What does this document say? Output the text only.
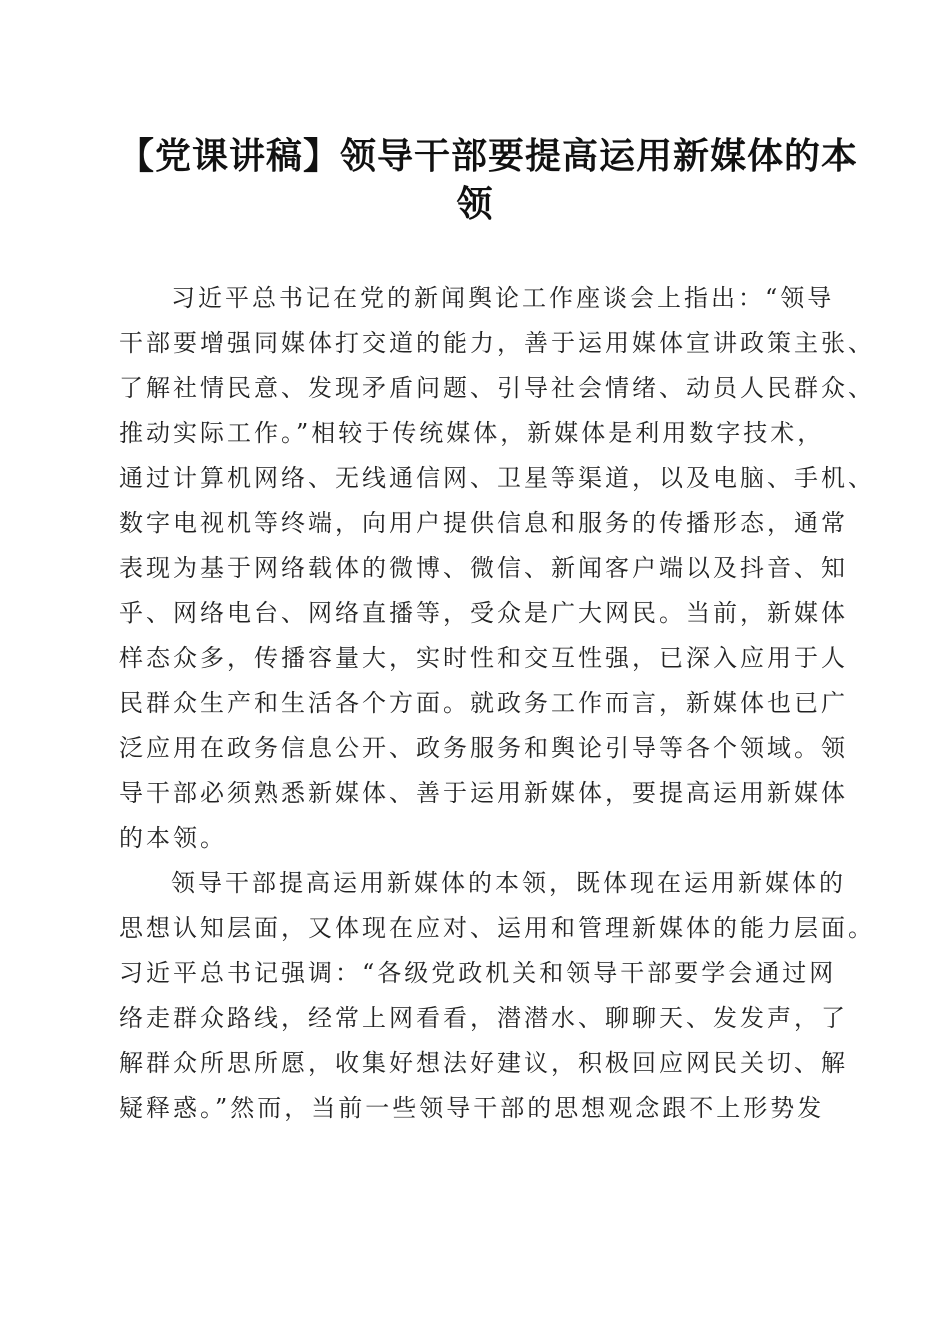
【党课讲稿】领导干部要提高运用新媒体的本
领
习近平总书记在党的新闻舆论工作座谈会上指出：“领导
干部要增强同媒体打交道的能力，善于运用媒体宣讲政策主张、
了解社情民意、发现矛盾问题、引导社会情绪、动员人民群众、
推动实际工作。”相较于传统媒体，新媒体是利用数字技术，
通过计算机网络、无线通信网、卫星等渠道，以及电脑、手机、
数字电视机等终端，向用户提供信息和服务的传播形态，通常
表现为基于网络载体的微博、微信、新闻客户端以及抖音、知
乎、网络电台、网络直播等，受众是广大网民。当前，新媒体
样态众多，传播容量大，实时性和交互性强，已深入应用于人
民群众生产和生活各个方面。就政务工作而言，新媒体也已广
泛应用在政务信息公开、政务服务和舆论引导等各个领域。领
导干部必须熟悉新媒体、善于运用新媒体，要提高运用新媒体
的本领。
领导干部提高运用新媒体的本领，既体现在运用新媒体的
思想认知层面，又体现在应对、运用和管理新媒体的能力层面。
习近平总书记强调：“各级党政机关和领导干部要学会通过网
络走群众路线，经常上网看看，潜潜水、聊聊天、发发声，了
解群众所思所愿，收集好想法好建议，积极回应网民关切、解
疑释惑。”然而，当前一些领导干部的思想观念跟不上形势发
